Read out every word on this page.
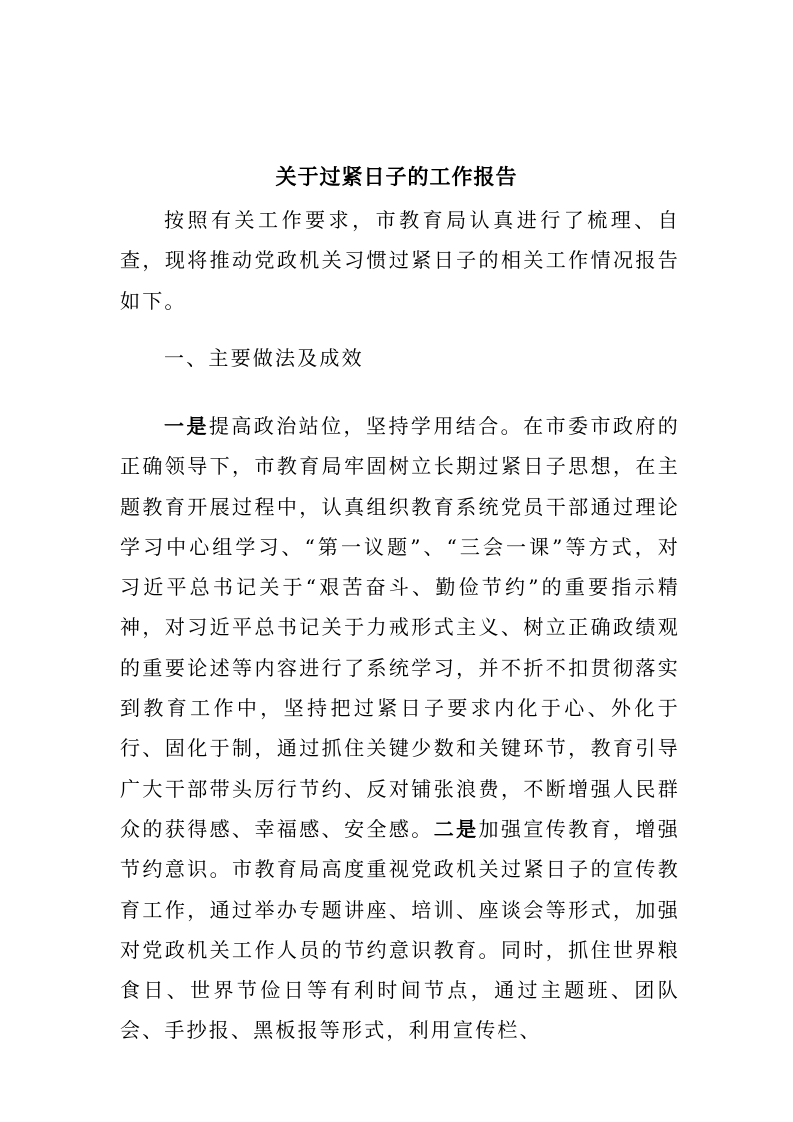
关于过紧日子的工作报告

按照有关工作要求，市教育局认真进行了梳理、自查，现将推动党政机关习惯过紧日子的相关工作情况报告如下。

一、主要做法及成效

一是提高政治站位，坚持学用结合。在市委市政府的正确领导下，市教育局牢固树立长期过紧日子思想，在主题教育开展过程中，认真组织教育系统党员干部通过理论学习中心组学习、“第一议题”、“三会一课”等方式，对习近平总书记关于“艰苦奋斗、勤俭节约”的重要指示精神，对习近平总书记关于力戒形式主义、树立正确政绩观的重要论述等内容进行了系统学习，并不折不扣贯彻落实到教育工作中，坚持把过紧日子要求内化于心、外化于行、固化于制，通过抓住关键少数和关键环节，教育引导广大干部带头厉行节约、反对铺张浪费，不断增强人民群众的获得感、幸福感、安全感。二是加强宣传教育，增强节约意识。市教育局高度重视党政机关过紧日子的宣传教育工作，通过举办专题讲座、培训、座谈会等形式，加强对党政机关工作人员的节约意识教育。同时，抓住世界粮食日、世界节俭日等有利时间节点，通过主题班、团队会、手抄报、黑板报等形式，利用宣传栏、
